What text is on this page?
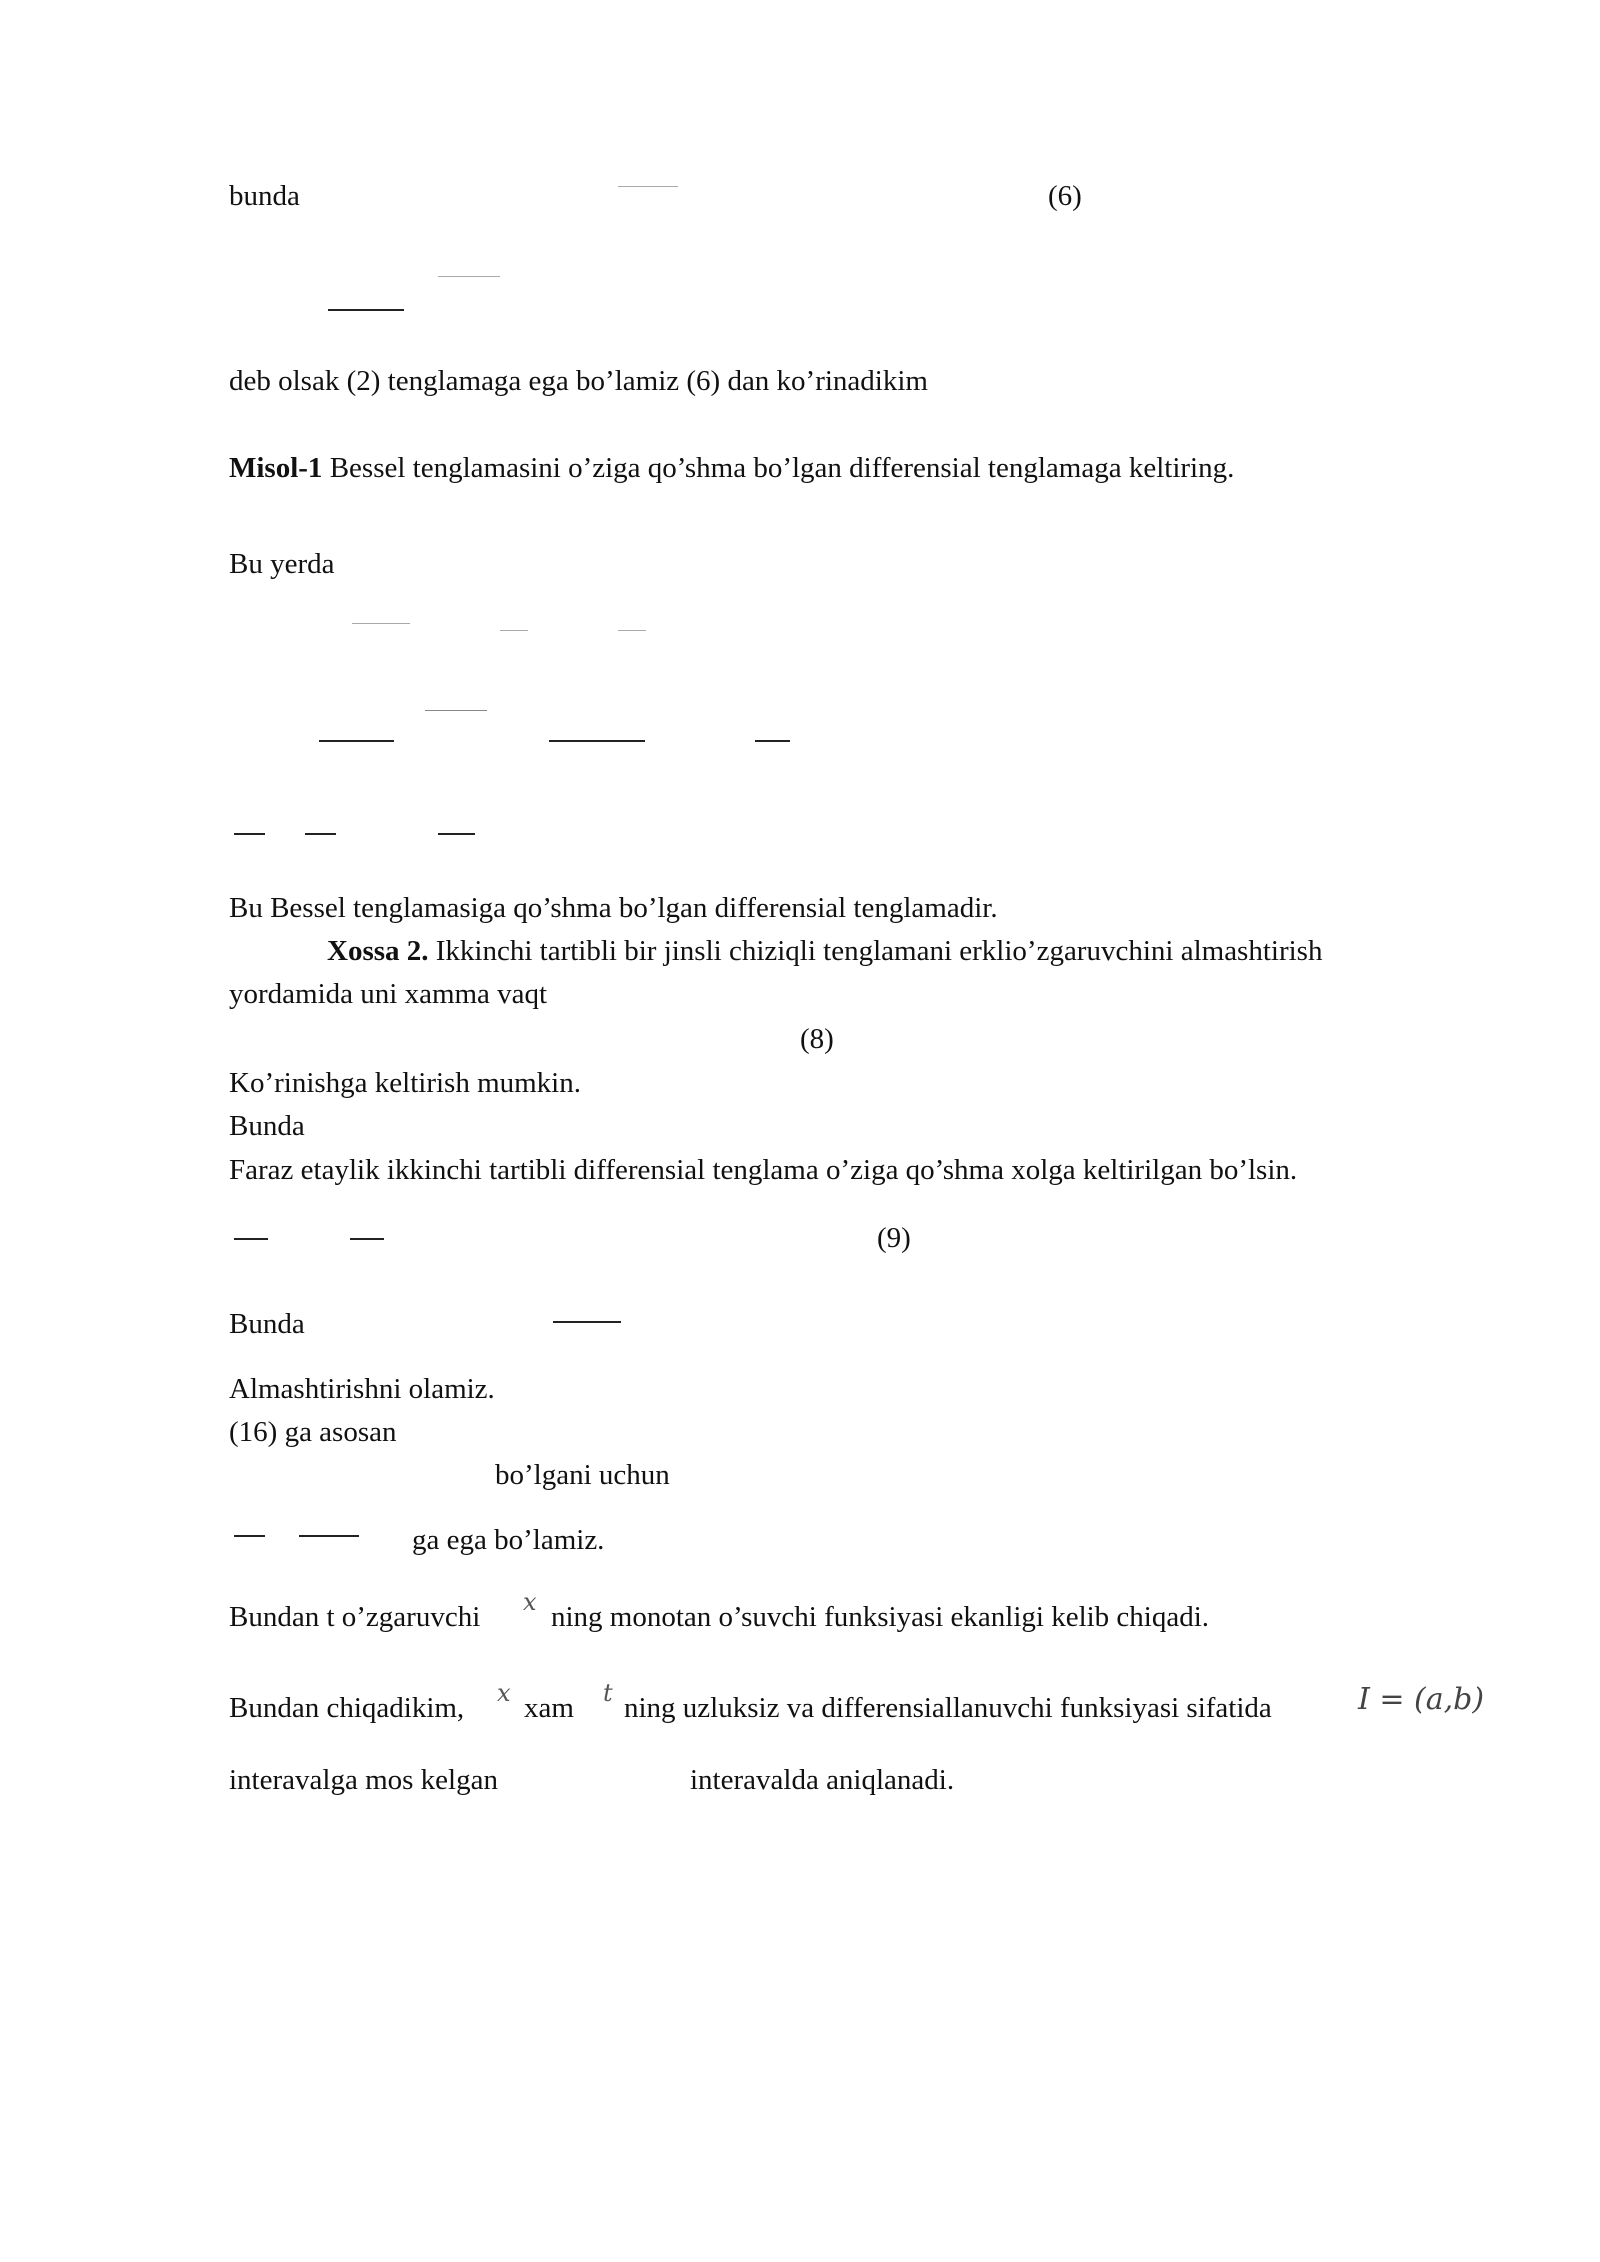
bunda	(6)
deb olsak (2) tenglamaga ega bo’lamiz (6) dan ko’rinadikim
Misol-1 Bessel tenglamasini o’ziga qo’shma bo’lgan differensial tenglamaga keltiring.
Bu yerda
Bu Bessel tenglamasiga qo’shma bo’lgan differensial tenglamadir.
Xossa 2. Ikkinchi tartibli bir jinsli chiziqli tenglamani erklio’zgaruvchini almashtirish
yordamida uni xamma vaqt
(8)
Ko’rinishga keltirish mumkin.
Bunda
Faraz etaylik ikkinchi tartibli differensial tenglama o’ziga qo’shma xolga keltirilgan bo’lsin.
(9)
Bunda
Almashtirishni olamiz.
(16) ga asosan
bo’lgani uchun
ga ega bo’lamiz.
Bundan t o’zgaruvchi x ning monotan o’suvchi funksiyasi ekanligi kelib chiqadi.
Bundan chiqadikim, x xam t ning uzluksiz va differensiallanuvchi funksiyasi sifatida	I = (a,b)
interavalga mos kelgan	interavalda aniqlanadi.
